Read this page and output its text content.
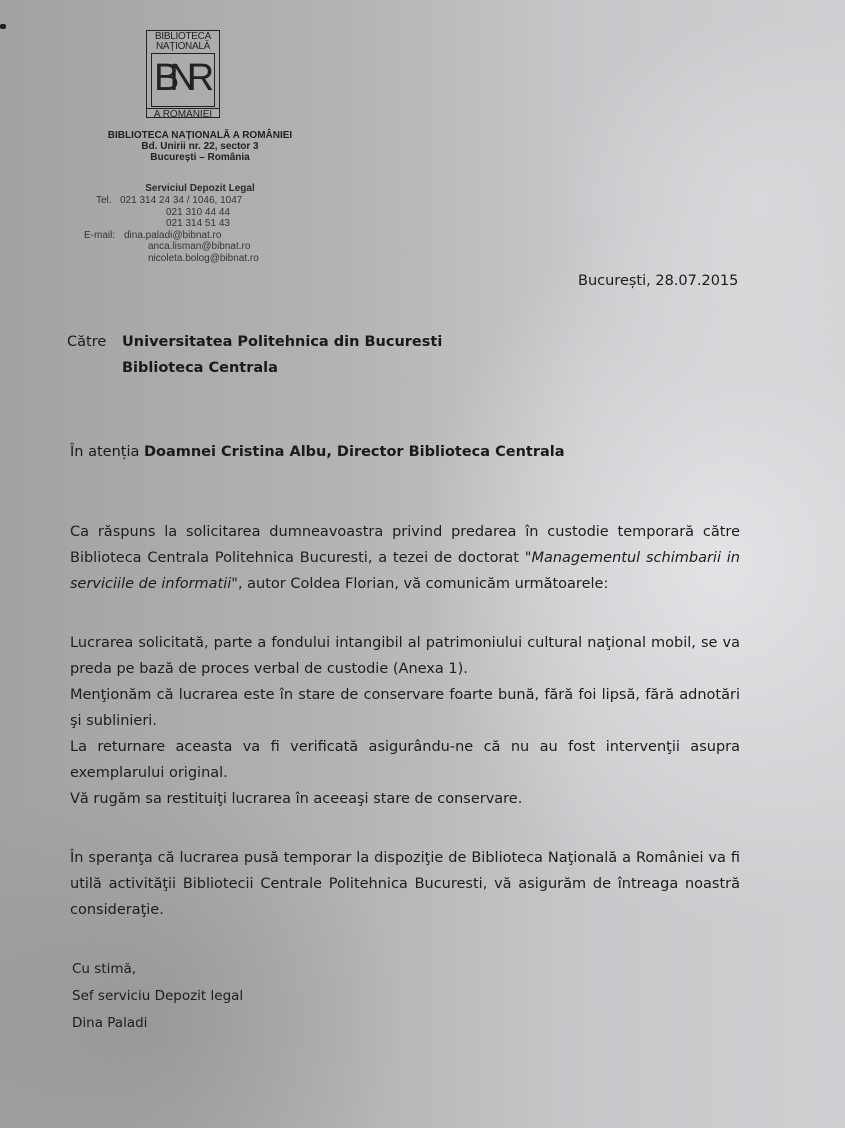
BIBLIOTECA
NAȚIONALĂ
BNR
A ROMÂNIEI
BIBLIOTECA NAȚIONALĂ A ROMÂNIEI
Bd. Unirii nr. 22, sector 3
București – România
Serviciul Depozit Legal
Tel. 021 314 24 34 / 1046, 1047
021 310 44 44
021 314 51 43
E-mail: dina.paladi@bibnat.ro
anca.lisman@bibnat.ro
nicoleta.bolog@bibnat.ro
București, 28.07.2015
Către Universitatea Politehnica din Bucuresti
Biblioteca Centrala
În atenția Doamnei Cristina Albu, Director Biblioteca Centrala

Ca răspuns la solicitarea dumneavoastra privind predarea în custodie temporară către Biblioteca Centrala Politehnica Bucuresti, a tezei de doctorat "Managementul schimbarii in serviciile de informatii", autor Coldea Florian, vă comunicăm următoarele:

Lucrarea solicitată, parte a fondului intangibil al patrimoniului cultural naţional mobil, se va preda pe bază de proces verbal de custodie (Anexa 1).

Menţionăm că lucrarea este în stare de conservare foarte bună, fără foi lipsă, fără adnotări şi sublinieri.

La returnare aceasta va fi verificată asigurându-ne că nu au fost intervenţii asupra exemplarului original.

Vă rugăm sa restituiţi lucrarea în aceeaşi stare de conservare.

În speranţa că lucrarea pusă temporar la dispoziţie de Biblioteca Naţională a României va fi utilă activităţii Bibliotecii Centrale Politehnica Bucuresti, vă asigurăm de întreaga noastră consideraţie.

Cu stimă,
Sef serviciu Depozit legal
Dina Paladi
